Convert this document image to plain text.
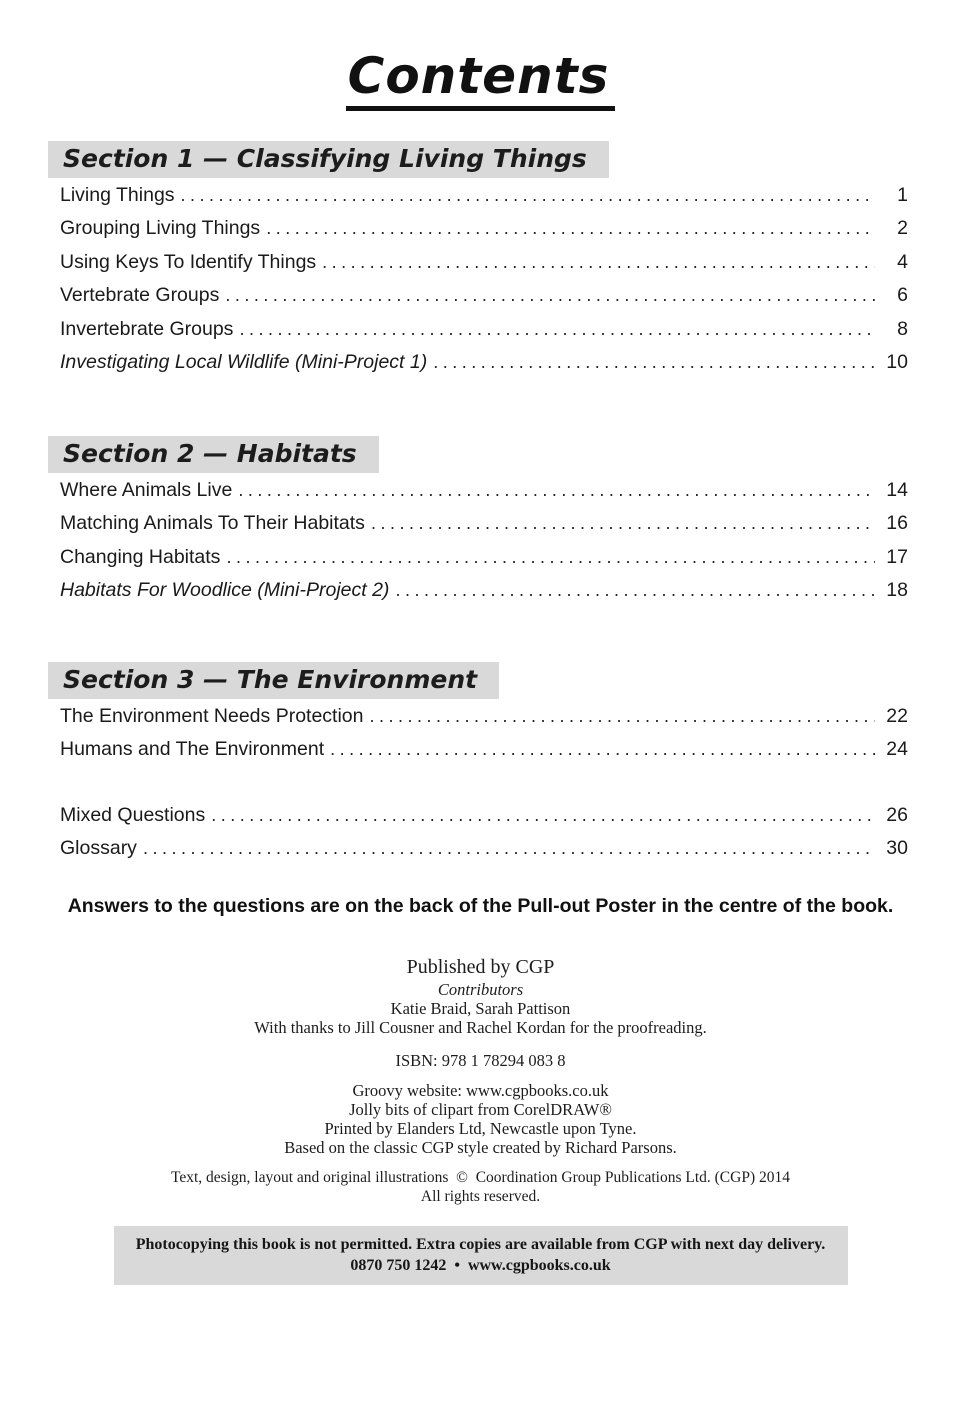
Contents
Section 1 — Classifying Living Things
Living Things .....	1
Grouping Living Things .....	2
Using Keys To Identify Things .....	4
Vertebrate Groups .....	6
Invertebrate Groups .....	8
Investigating Local Wildlife (Mini-Project 1) .....	10
Section 2 — Habitats
Where Animals Live .....	14
Matching Animals To Their Habitats .....	16
Changing Habitats .....	17
Habitats For Woodlice (Mini-Project 2) .....	18
Section 3 — The Environment
The Environment Needs Protection .....	22
Humans and The Environment .....	24
Mixed Questions .....	26
Glossary .....	30

Answers to the questions are on the back of the Pull-out Poster in the centre of the book.

Published by CGP

Contributors

Katie Braid, Sarah Pattison

With thanks to Jill Cousner and Rachel Kordan for the proofreading.

ISBN: 978 1 78294 083 8

Groovy website: www.cgpbooks.co.uk

Jolly bits of clipart from CorelDRAW®

Printed by Elanders Ltd, Newcastle upon Tyne.

Based on the classic CGP style created by Richard Parsons.

Text, design, layout and original illustrations  ©  Coordination Group Publications Ltd. (CGP) 2014

All rights reserved.

Photocopying this book is not permitted. Extra copies are available from CGP with next day delivery.

0870 750 1242  •  www.cgpbooks.co.uk
